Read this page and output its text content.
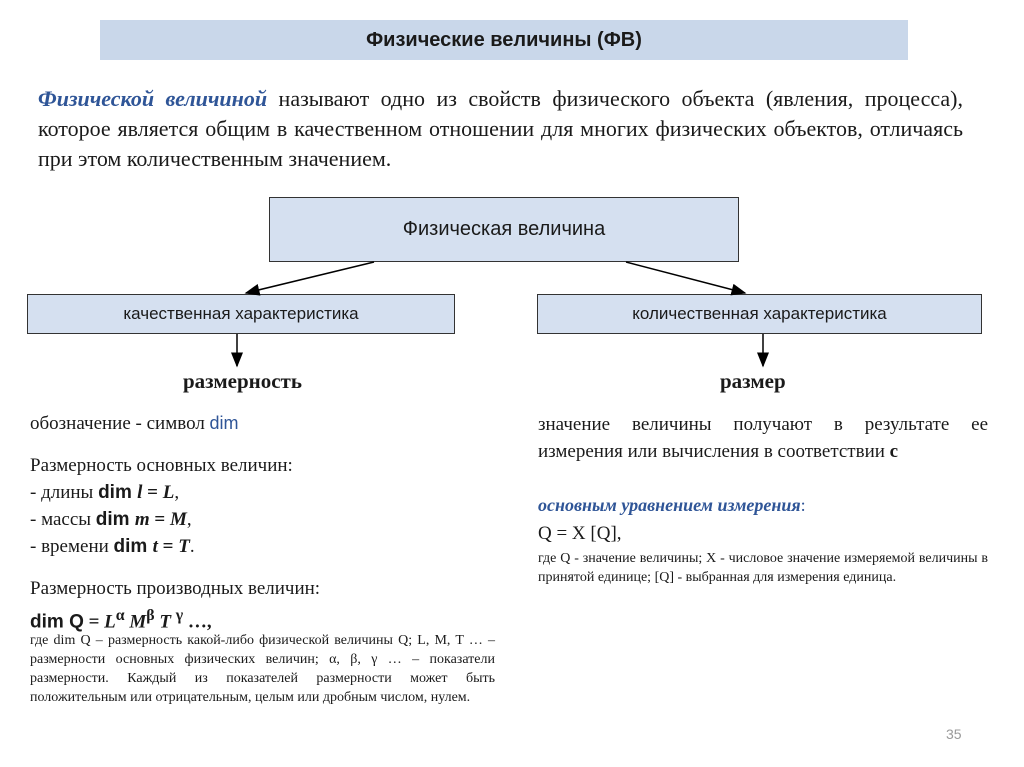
Физические величины (ФВ)
Физической величиной называют одно из свойств физического объекта (явления, процесса), которое является общим в качественном отношении для многих физических объектов, отличаясь при этом количественным значением.
Физическая величина
качественная характеристика	количественная характеристика
размерность
обозначение - символ dim
Размерность основных величин:
- длины dim l = L,
- массы dim m = M,
- времени dim t = T.
Размерность производных величин:
dim $Q = L^\alpha$ $M^\beta$ T $^\gamma$ …,
где dim Q – размерность какой-либо физической величины Q; L, M, T … – размерности основных физических величин; α, β, γ … – показатели размерности. Каждый из показателей размерности может быть положительным или отрицательным, целым или дробным числом, нулем.
размер
значение величины получают в результате ее измерения или вычисления в соответствии с
основным уравнением измерения:
Q = X [Q],
где Q - значение величины; X - числовое значение измеряемой величины в принятой единице; [Q] - выбранная для измерения единица.
35
